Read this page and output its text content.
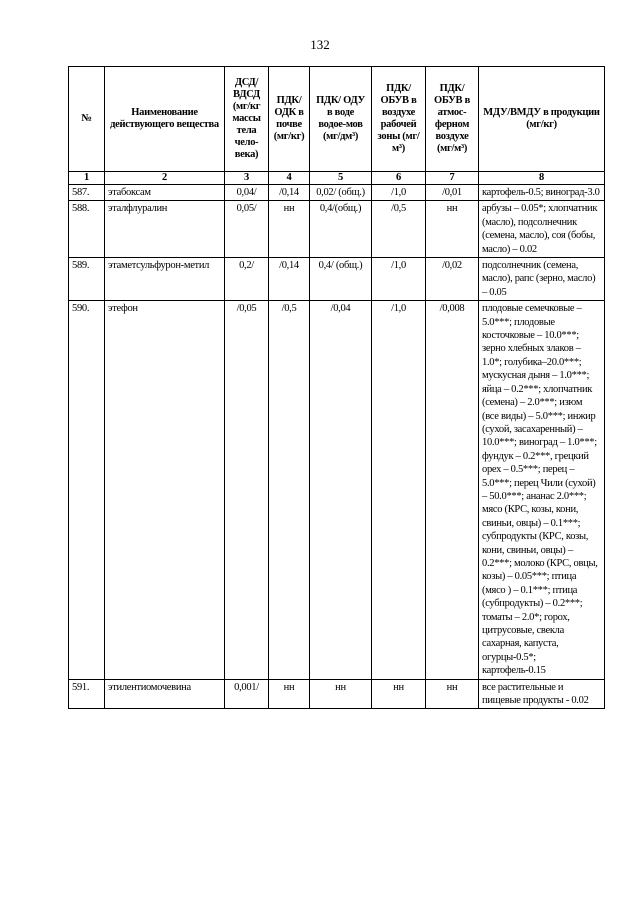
132
№	Наименование действующего вещества	ДСД/ ВДСД (мг/кг массы тела чело-века)	ПДК/ ОДК в почве (мг/кг)	ПДК/ ОДУ в воде водое-мов (мг/дм³)	ПДК/ ОБУВ в воздухе рабочей зоны (мг/м³)	ПДК/ ОБУВ в атмос-ферном воздухе (мг/м³)	МДУ/ВМДУ в продукции (мг/кг)
1	2	3	4	5	6	7	8
587.	этабоксам	0,04/	/0,14	0,02/ (общ.)	/1,0	/0,01	картофель-0.5; виноград-3.0
588.	эталфлуралин	0,05/	нн	0,4/(общ.)	/0,5	нн	арбузы – 0.05*; хлопчатник (масло), подсолнечник (семена, масло), соя (бобы, масло) – 0.02
589.	этаметсульфурон-метил	0,2/	/0,14	0,4/ (общ.)	/1,0	/0,02	подсолнечник (семена, масло), рапс (зерно, масло) – 0.05
590.	этефон	/0,05	/0,5	/0,04	/1,0	/0,008	плодовые семечковые – 5.0***; плодовые косточковые – 10.0***; зерно хлебных злаков – 1.0*; голубика–20.0***; мускусная дыня – 1.0***; яйца – 0.2***; хлопчатник (семена) – 2.0***; изюм (все виды) – 5.0***; инжир (сухой, засахаренный) – 10.0***; виноград – 1.0***; фундук – 0.2***, грецкий орех – 0.5***; перец – 5.0***; перец Чили (сухой) – 50.0***; ананас 2.0***; мясо (КРС, козы, кони, свиньи, овцы) – 0.1***; субпродукты (КРС, козы, кони, свиньи, овцы) – 0.2***; молоко (КРС, овцы, козы) – 0.05***; птица (мясо ) – 0.1***; птица (субпродукты) – 0.2***; томаты – 2.0*; горох, цитрусовые, свекла сахарная, капуста, огурцы-0.5*; картофель-0.15
591.	этилентиомочевина	0,001/	нн	нн	нн	нн	все растительные и пищевые продукты - 0.02
